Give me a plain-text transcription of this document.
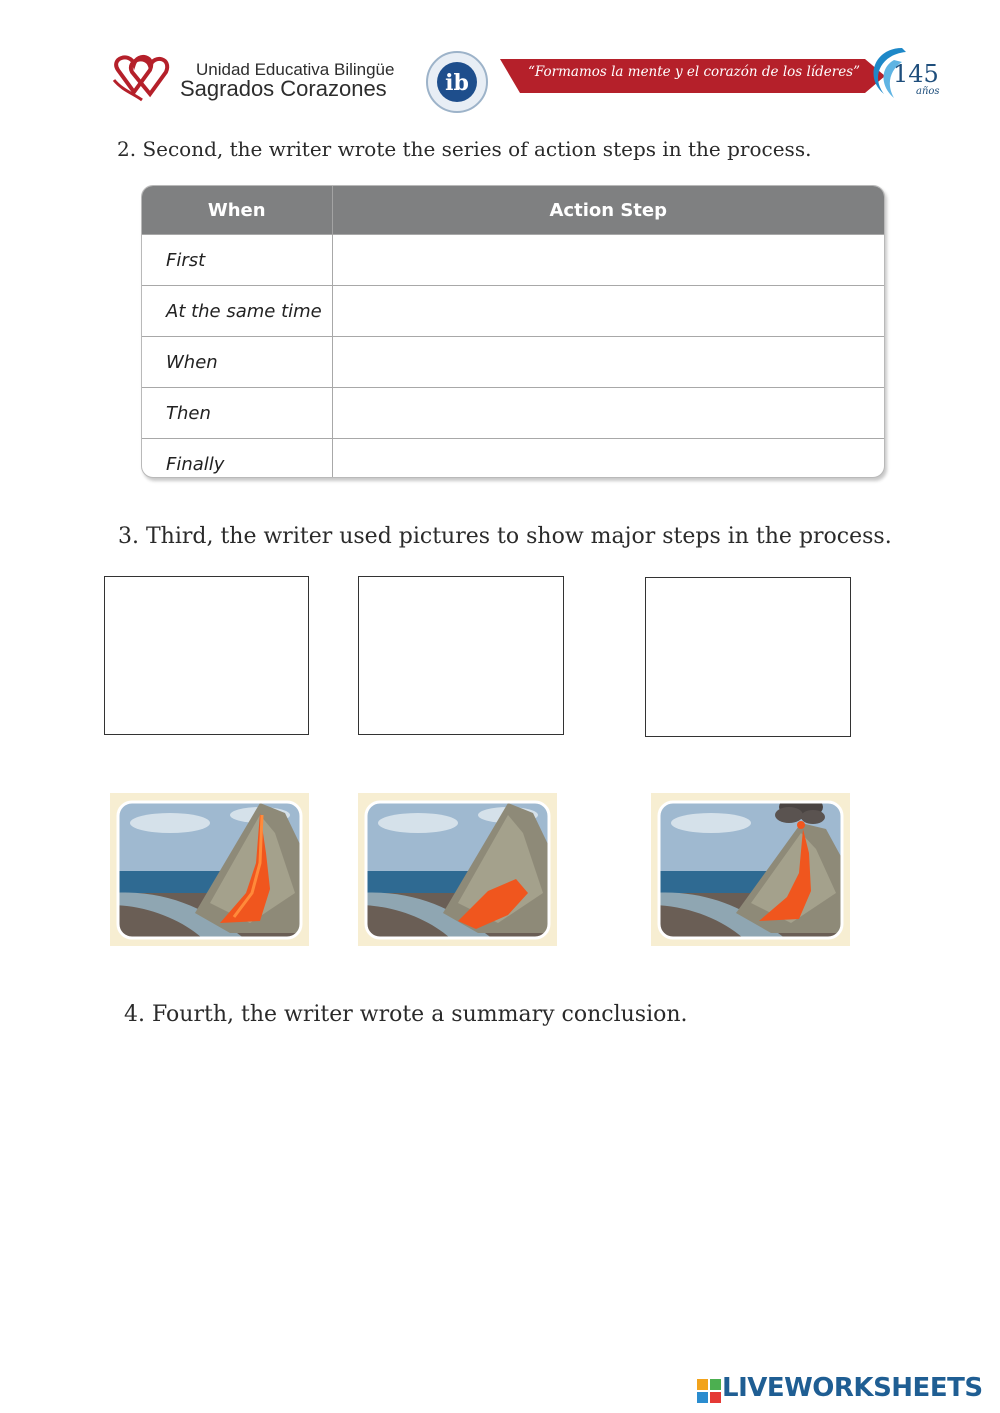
Unidad Educativa Bilingüe
Sagrados Corazones	ib	“Formamos la mente y el corazón de los líderes” 145
años
2. Second, the writer wrote the series of action steps in the process.
When	Action Step
First	
At the same time	
When	
Then	
Finally	
3. Third, the writer used pictures to show major steps in the process.
4. Fourth, the writer wrote a summary conclusion.
LIVEWORKSHEETS
